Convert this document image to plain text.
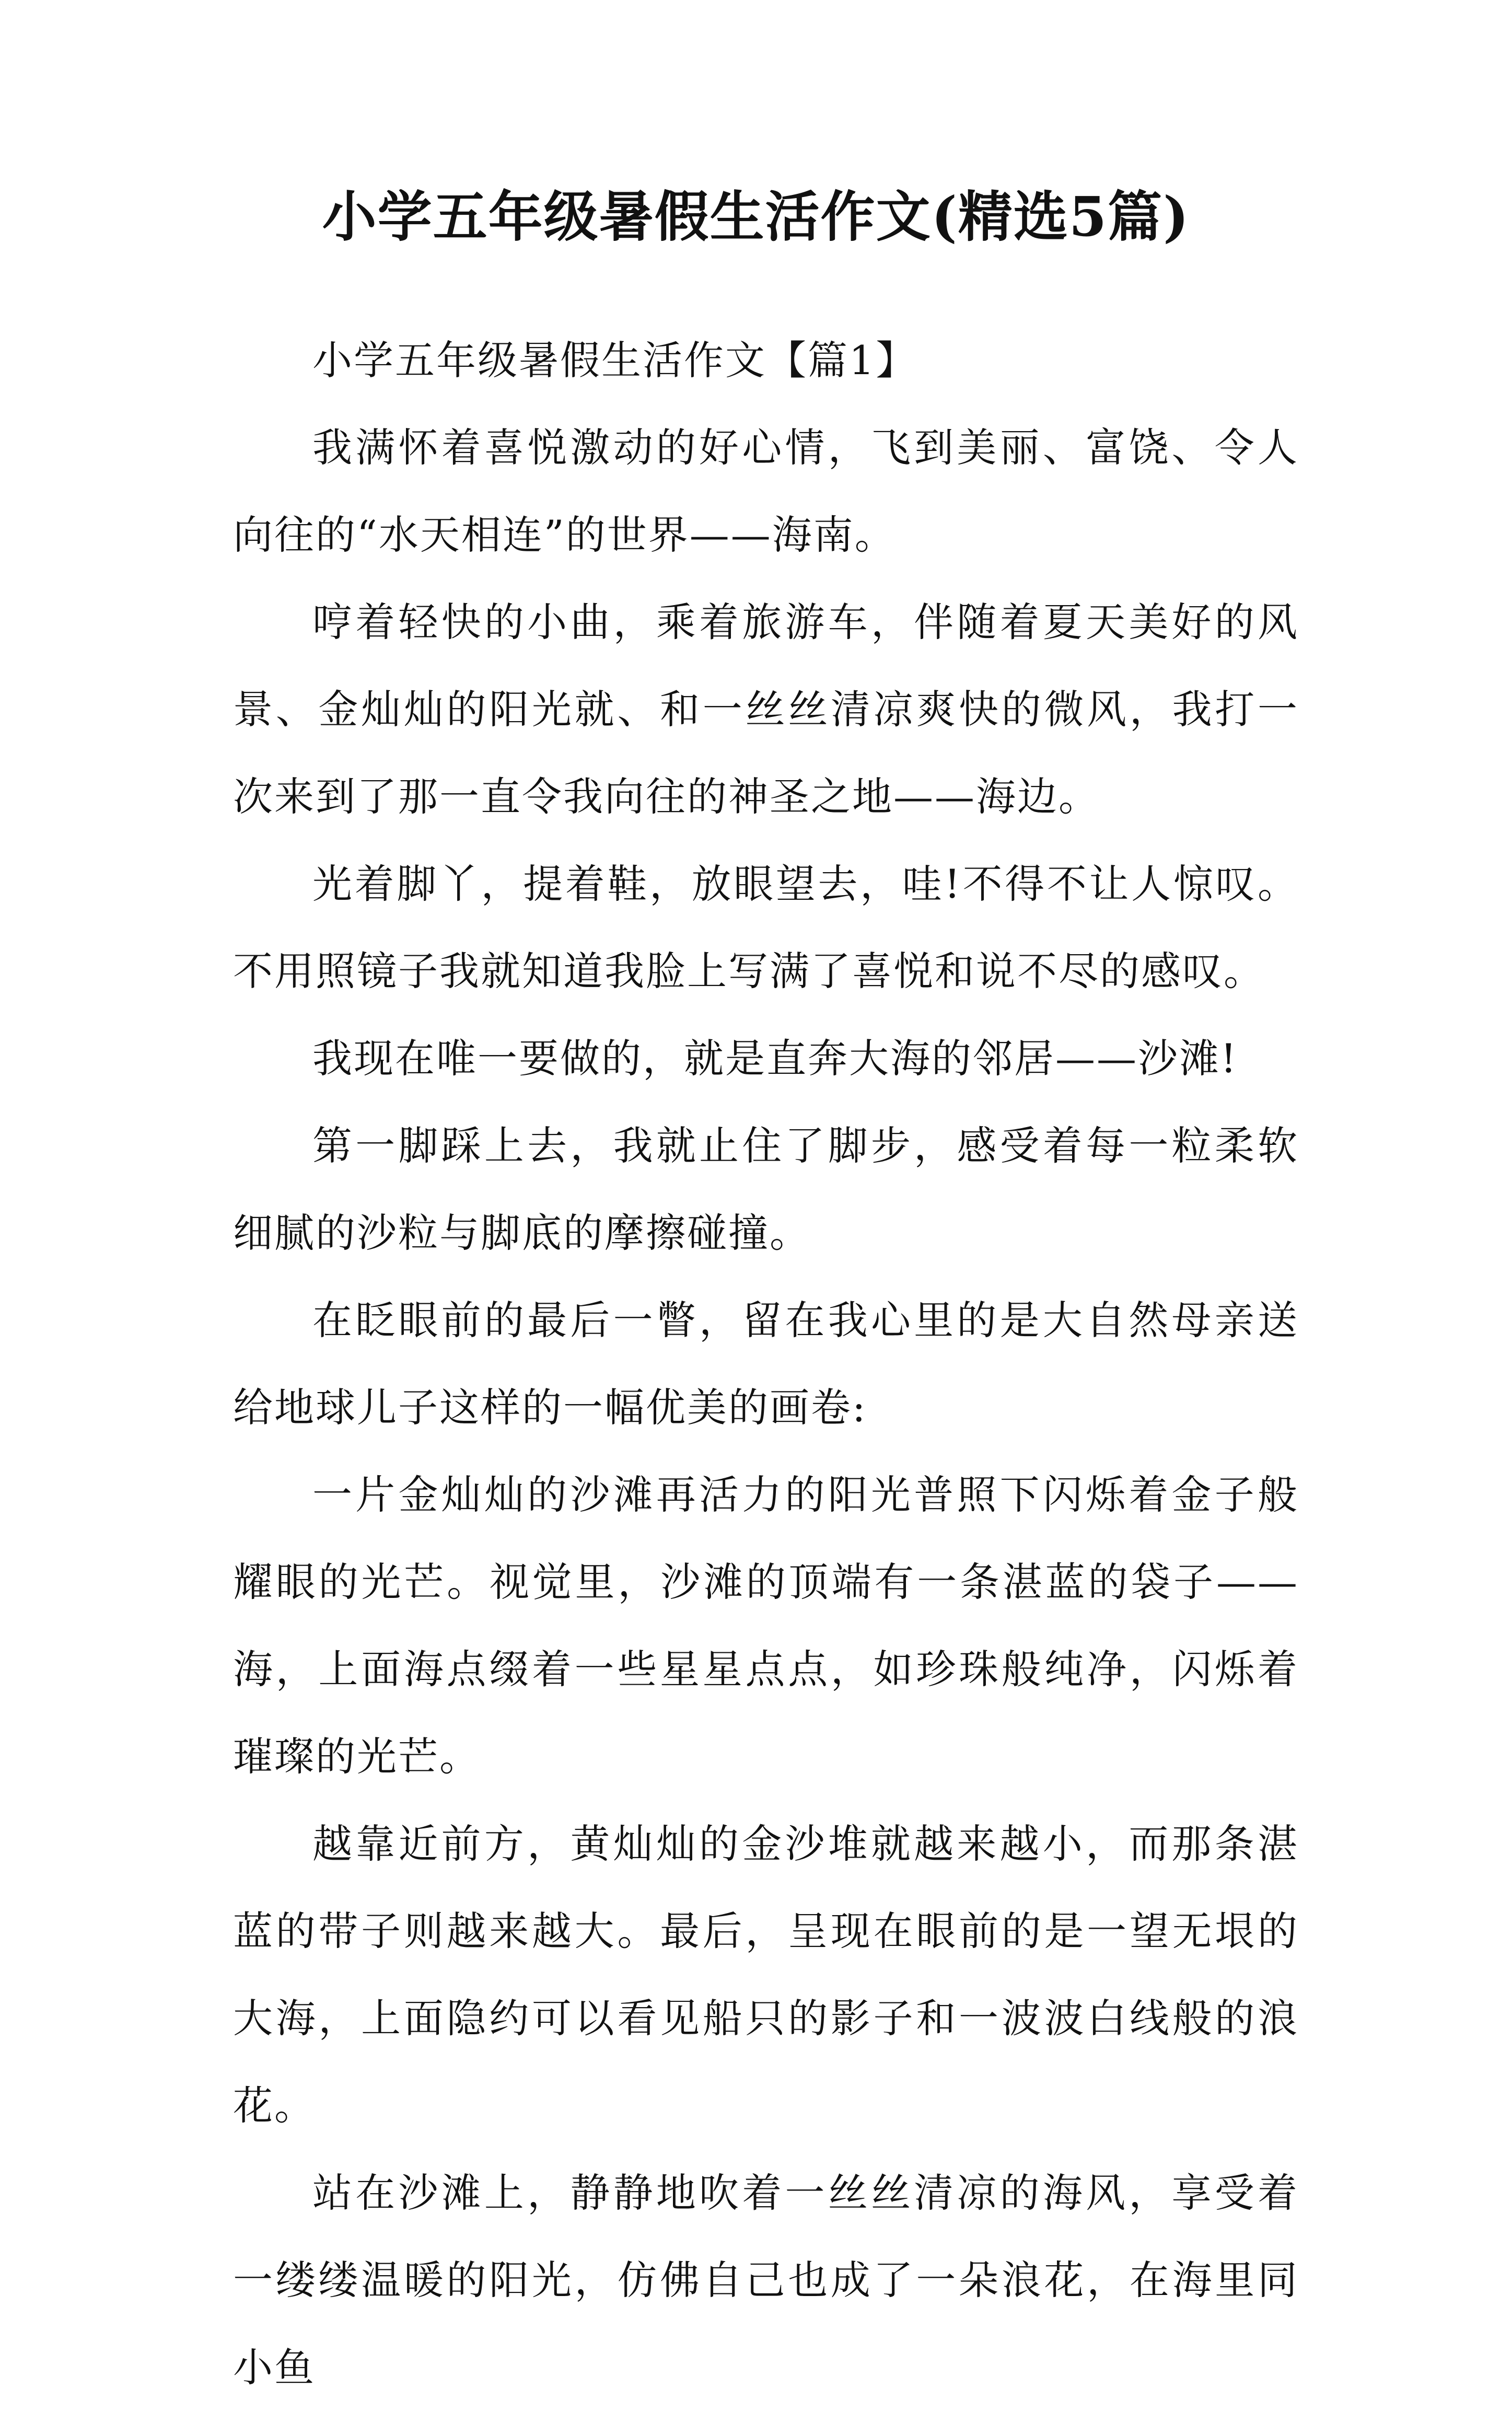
小学五年级暑假生活作文(精选5篇)

小学五年级暑假生活作文【篇1】

我满怀着喜悦激动的好心情，飞到美丽、富饶、令人向往的“水天相连”的世界——海南。

哼着轻快的小曲，乘着旅游车，伴随着夏天美好的风景、金灿灿的阳光就、和一丝丝清凉爽快的微风，我打一次来到了那一直令我向往的神圣之地——海边。

光着脚丫，提着鞋，放眼望去，哇!不得不让人惊叹。不用照镜子我就知道我脸上写满了喜悦和说不尽的感叹。

我现在唯一要做的，就是直奔大海的邻居——沙滩!

第一脚踩上去，我就止住了脚步，感受着每一粒柔软细腻的沙粒与脚底的摩擦碰撞。

在眨眼前的最后一瞥，留在我心里的是大自然母亲送给地球儿子这样的一幅优美的画卷:

一片金灿灿的沙滩再活力的阳光普照下闪烁着金子般耀眼的光芒。视觉里，沙滩的顶端有一条湛蓝的袋子——海，上面海点缀着一些星星点点，如珍珠般纯净，闪烁着璀璨的光芒。

越靠近前方，黄灿灿的金沙堆就越来越小，而那条湛蓝的带子则越来越大。最后，呈现在眼前的是一望无垠的大海，上面隐约可以看见船只的影子和一波波白线般的浪花。

站在沙滩上，静静地吹着一丝丝清凉的海风，享受着一缕缕温暖的阳光，仿佛自己也成了一朵浪花，在海里同小鱼
